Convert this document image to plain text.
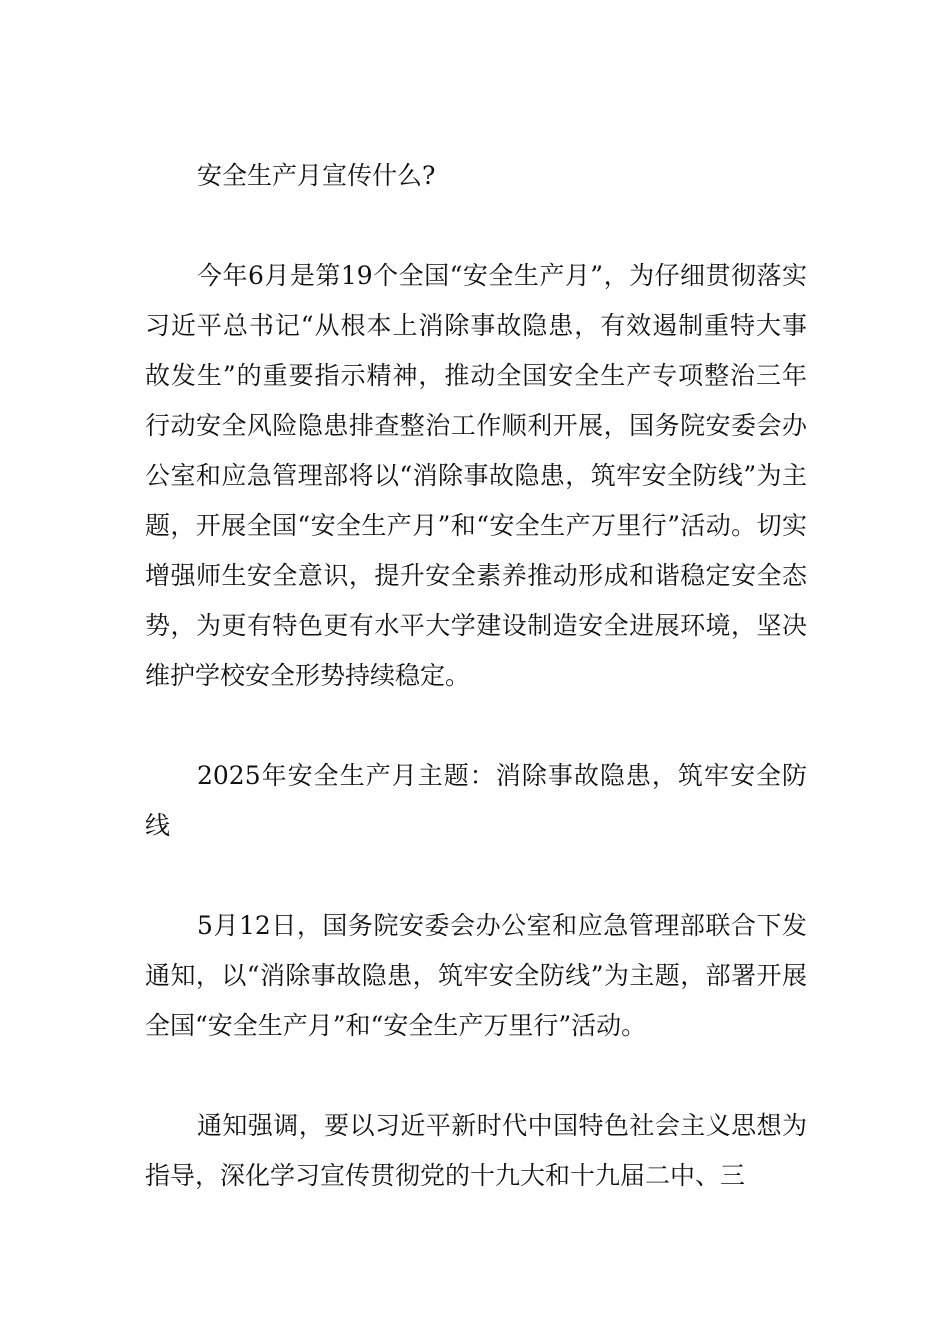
安全生产月宣传什么?

今年6月是第19个全国“安全生产月”，为仔细贯彻落实习近平总书记“从根本上消除事故隐患，有效遏制重特大事故发生”的重要指示精神，推动全国安全生产专项整治三年行动安全风险隐患排查整治工作顺利开展，国务院安委会办公室和应急管理部将以“消除事故隐患，筑牢安全防线”为主题，开展全国“安全生产月”和“安全生产万里行”活动。切实增强师生安全意识，提升安全素养推动形成和谐稳定安全态势，为更有特色更有水平大学建设制造安全进展环境，坚决维护学校安全形势持续稳定。

2025年安全生产月主题：消除事故隐患，筑牢安全防线

5月12日，国务院安委会办公室和应急管理部联合下发通知，以“消除事故隐患，筑牢安全防线”为主题，部署开展全国“安全生产月”和“安全生产万里行”活动。

通知强调，要以习近平新时代中国特色社会主义思想为指导，深化学习宣传贯彻党的十九大和十九届二中、三
